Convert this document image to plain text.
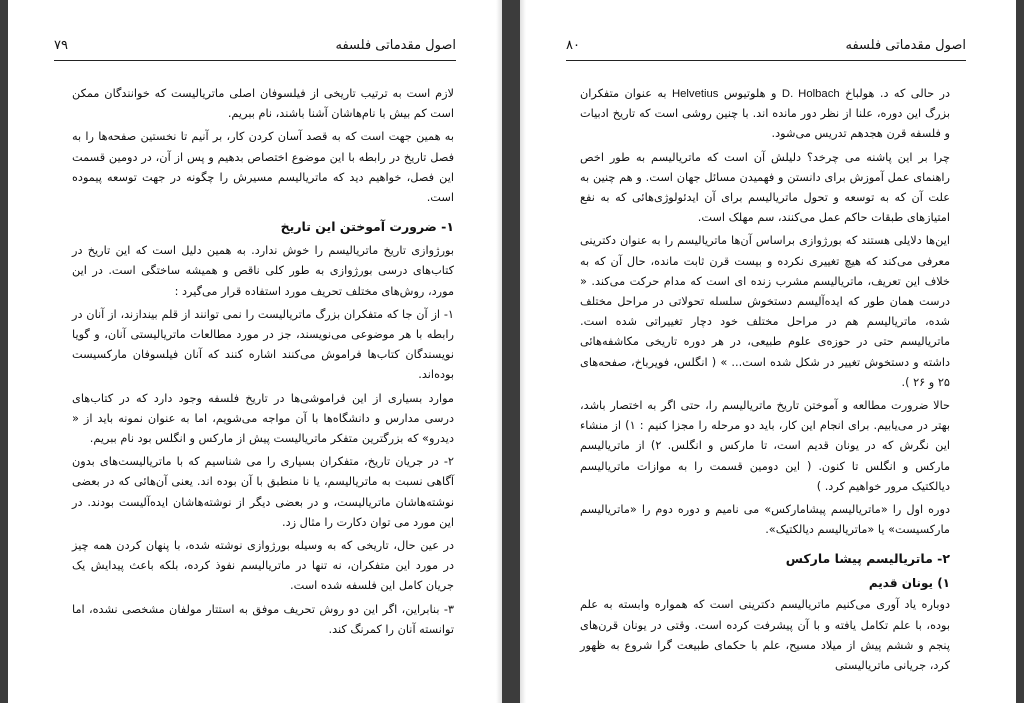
اصول مقدماتی فلسفه
۷۹

لازم است به ترتیب تاریخی از فیلسوفان اصلی ماتریالیست که خوانندگان ممکن است کم بیش با نام‌هاشان آشنا باشند، نام ببریم.

به همین جهت است که به قصد آسان کردن کار، بر آنیم تا نخستین صفحه‌ها را به فصل تاریخ در رابطه با این موضوع اختصاص بدهیم و پس از آن، در دومین قسمت این فصل، خواهیم دید که ماتریالیسم مسیرش را چگونه در جهت توسعه پیموده است.

۱- ضرورت آموختن این تاریخ

بورژوازی تاریخ ماتریالیسم را خوش ندارد. به همین دلیل است که این تاریخ در کتاب‌های درسی بورژوازی به طور کلی ناقص و همیشه ساختگی است. در این مورد، روش‌های مختلف تحریف مورد استفاده قرار می‌گیرد :

۱- از آن جا که متفکران بزرگ ماتریالیست را نمی توانند از قلم بیندازند، از آنان در رابطه با هر موضوعی می‌نویسند، جز در مورد مطالعات ماتریالیستی آنان، و گویا نویسندگان کتاب‌ها فراموش می‌کنند اشاره کنند که آنان فیلسوفان مارکسیست بوده‌اند.

موارد بسیاری از این فراموشی‌ها در تاریخ فلسفه وجود دارد که در کتاب‌های درسی مدارس و دانشگاه‌ها با آن مواجه می‌شویم، اما به عنوان نمونه باید از « دیدرو» که بزرگترین متفکر ماتریالیست پیش از مارکس و انگلس بود نام ببریم.

۲- در جریان تاریخ، متفکران بسیاری را می شناسیم که با ماتریالیست‌های بدون آگاهی نسبت به ماتریالیسم، یا نا منطبق با آن بوده اند. یعنی آن‌هائی که در بعضی نوشته‌هاشان ماتریالیست، و در بعضی دیگر از نوشته‌هاشان ایده‌آلیست بودند. در این مورد می توان دکارت را مثال زد.

در عین حال، تاریخی که به وسیله بورژوازی نوشته شده، با پنهان کردن همه چیز در مورد این متفکران، نه تنها در ماتریالیسم نفوذ کرده، بلکه باعث پیدایش یک جریان کامل این فلسفه شده است.

۳- بنابراین، اگر این دو روش تحریف موفق به استتار مولفان مشخصی نشده، اما توانسته آنان را کمرنگ کند.

اصول مقدماتی فلسفه
۸۰

در حالی که د. هولباخ D. Holbach و هلوتیوس Helvetius به عنوان متفکران بزرگ این دوره، علنا از نظر دور مانده اند. با چنین روشی است که تاریخ ادبیات و فلسفه قرن هجدهم تدریس می‌شود.

چرا بر این پاشنه می چرخد؟ دلیلش آن است که ماتریالیسم به طور اخص راهنمای عمل آموزش برای دانستن و فهمیدن مسائل جهان است. و هم چنین به علت آن که به توسعه و تحول ماتریالیسم برای آن ایدئولوژی‌هائی که به نفع امتیازهای طبقات حاکم عمل می‌کنند، سم مهلک است.

این‌ها دلایلی هستند که بورژوازی براساس آن‌ها ماتریالیسم را به عنوان دکترینی معرفی می‌کند که هیچ تغییری نکرده و بیست قرن ثابت مانده، حال آن که به خلاف این تعریف، ماتریالیسم مشرب زنده ای است که مدام حرکت می‌کند. « درست همان طور که ایده‌آلیسم دستخوش سلسله تحولاتی در مراحل مختلف شده، ماتریالیسم هم در مراحل مختلف خود دچار تغییراتی شده است. ماتریالیسم حتی در حوزه‌ی علوم طبیعی، در هر دوره تاریخی مکاشفه‌هائی داشته و دستخوش تغییر در شکل شده است... » ( انگلس، فویرباخ، صفحه‌های ۲۵ و ۲۶ ).

حالا ضرورت مطالعه و آموختن تاریخ ماتریالیسم را، حتی اگر به اختصار باشد، بهتر در می‌یابیم. برای انجام این کار، باید دو مرحله را مجزا کنیم : ۱) از منشاء این نگرش که در یونان قدیم است، تا مارکس و انگلس. ۲) از ماتریالیسم مارکس و انگلس تا کنون. ( این دومین قسمت را به موازات ماتریالیسم دیالکتیک مرور خواهیم کرد. )

دوره اول را «ماتریالیسم پیشامارکس» می نامیم و دوره دوم را «ماتریالیسم مارکسیست» یا «ماتریالیسم دیالکتیک».

۲- ماتریالیسم پیشا مارکس
۱) یونان قدیم

دوباره یاد آوری می‌کنیم ماتریالیسم دکترینی است که همواره وابسته به علم بوده، با علم تکامل یافته و با آن پیشرفت کرده است. وقتی در یونان قرن‌های پنجم و ششم پیش از میلاد مسیح، علم با حکمای طبیعت گرا شروع به ظهور کرد، جریانی ماتریالیستی
